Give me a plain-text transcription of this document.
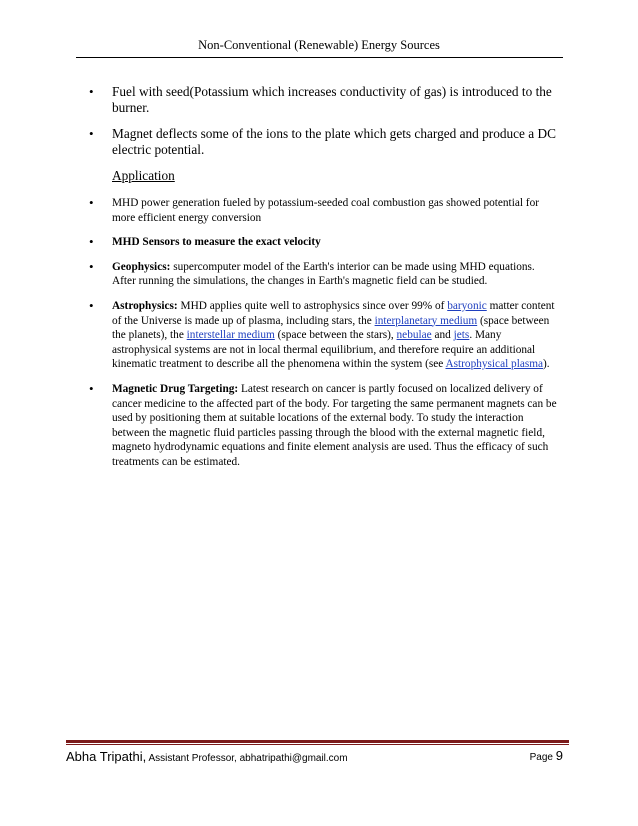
Non-Conventional (Renewable) Energy Sources
• Fuel with seed(Potassium which increases conductivity of gas) is introduced to the burner.
• Magnet deflects some of the ions to the plate which gets charged and produce a DC electric potential.
Application
• MHD power generation fueled by potassium-seeded coal combustion gas showed potential for more efficient energy conversion
• MHD Sensors to measure the exact velocity
• Geophysics: supercomputer model of the Earth's interior can be made using MHD equations. After running the simulations, the changes in Earth's magnetic field can be studied.
• Astrophysics: MHD applies quite well to astrophysics since over 99% of baryonic matter content of the Universe is made up of plasma, including stars, the interplanetary medium (space between the planets), the interstellar medium (space between the stars), nebulae and jets. Many astrophysical systems are not in local thermal equilibrium, and therefore require an additional kinematic treatment to describe all the phenomena within the system (see Astrophysical plasma).
• Magnetic Drug Targeting: Latest research on cancer is partly focused on localized delivery of cancer medicine to the affected part of the body. For targeting the same permanent magnets can be used by positioning them at suitable locations of the external body. To study the interaction between the magnetic fluid particles passing through the blood with the external magnetic field, magneto hydrodynamic equations and finite element analysis are used. Thus the efficacy of such treatments can be estimated.
Abha Tripathi, Assistant Professor, abhatripathi@gmail.com	Page 9
